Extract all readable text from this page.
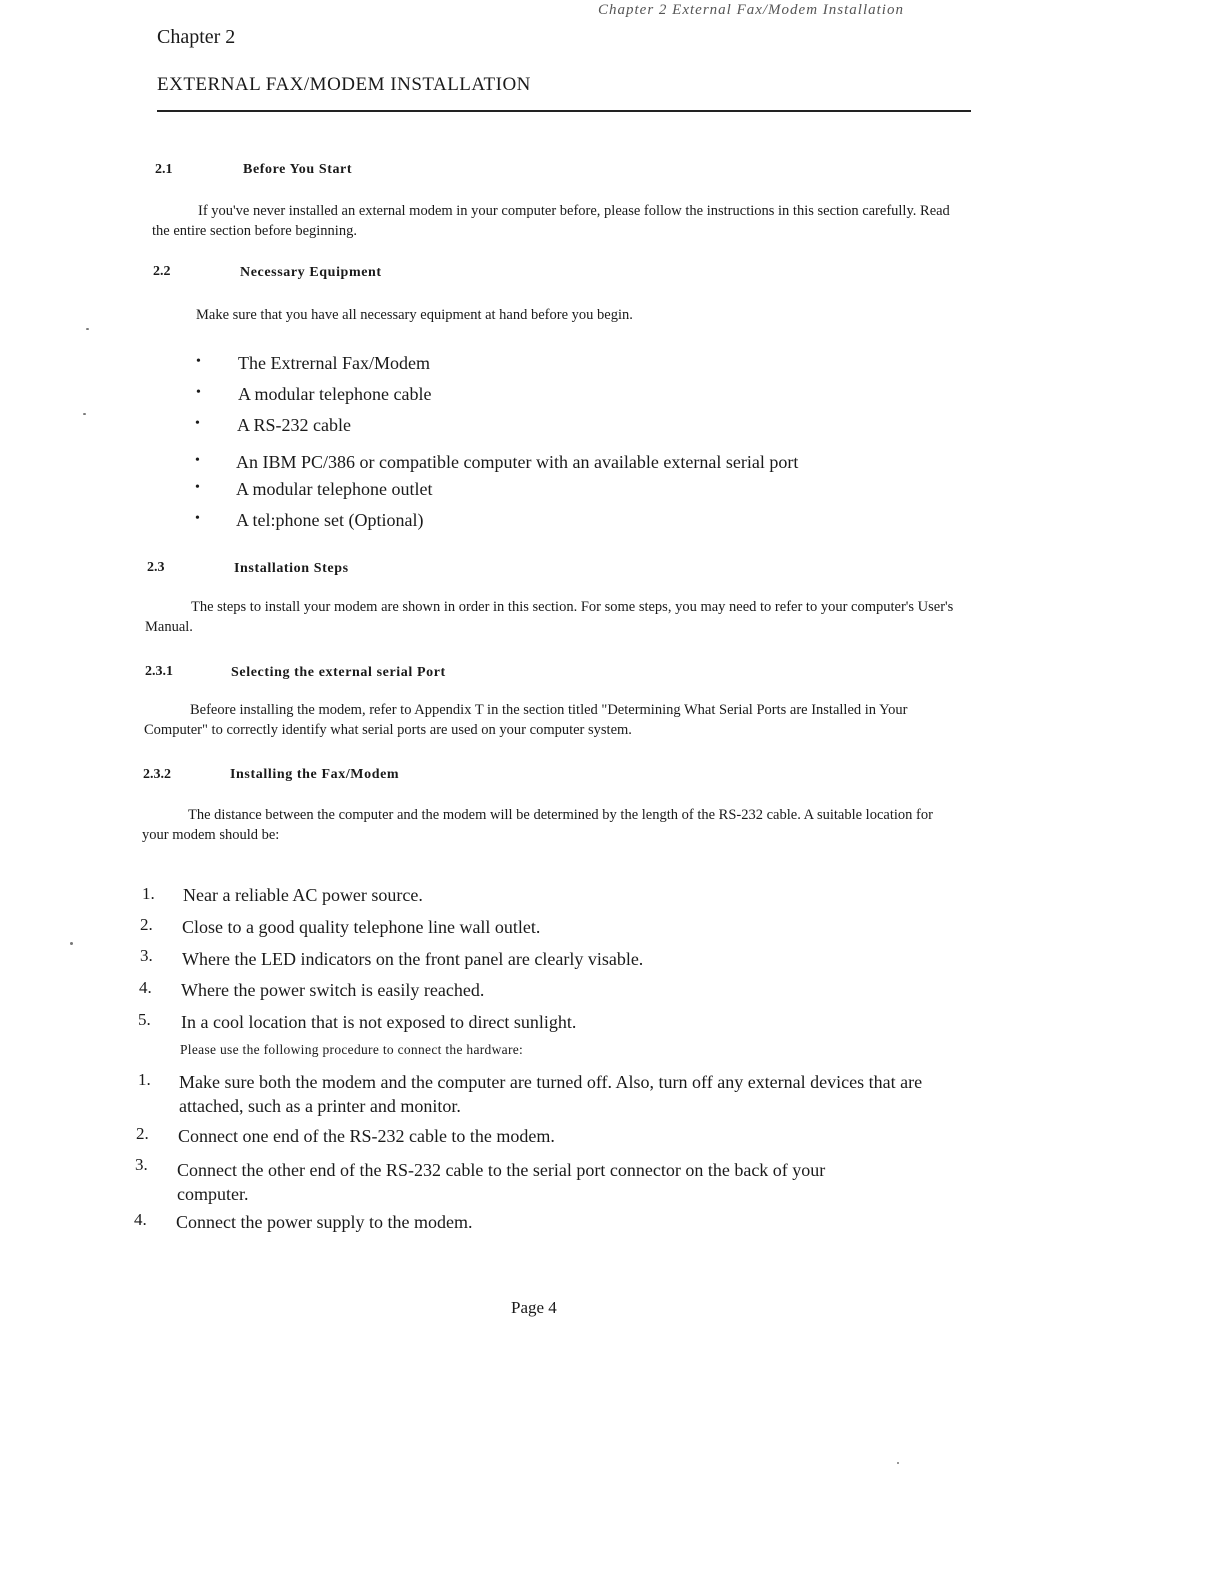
Chapter 2 External Fax/Modem Installation
Chapter 2
EXTERNAL FAX/MODEM INSTALLATION
2.1	Before You Start
If you've never installed an external modem in your computer before, please follow the instructions in this section carefully. Read the entire section before beginning.
2.2	Necessary Equipment
Make sure that you have all necessary equipment at hand before you begin.
• The Extrernal Fax/Modem
• A modular telephone cable
• A RS-232 cable
• An IBM PC/386 or compatible computer with an available external serial port
• A modular telephone outlet
• A tel:phone set (Optional)
2.3	Installation Steps
The steps to install your modem are shown in order in this section. For some steps, you may need to refer to your computer's User's Manual.
2.3.1	Selecting the external serial Port
Befeore installing the modem, refer to Appendix T in the section titled "Determining What Serial Ports are Installed in Your Computer" to correctly identify what serial ports are used on your computer system.
2.3.2	Installing the Fax/Modem
The distance between the computer and the modem will be determined by the length of the RS-232 cable. A suitable location for your modem should be:
1. Near a reliable AC power source.
2. Close to a good quality telephone line wall outlet.
3. Where the LED indicators on the front panel are clearly visable.
4. Where the power switch is easily reached.
5. In a cool location that is not exposed to direct sunlight.
Please use the following procedure to connect the hardware:
1. Make sure both the modem and the computer are turned off. Also, turn off any external devices that are attached, such as a printer and monitor.
2. Connect one end of the RS-232 cable to the modem.
3. Connect the other end of the RS-232 cable to the serial port connector on the back of your computer.
4. Connect the power supply to the modem.
Page 4
